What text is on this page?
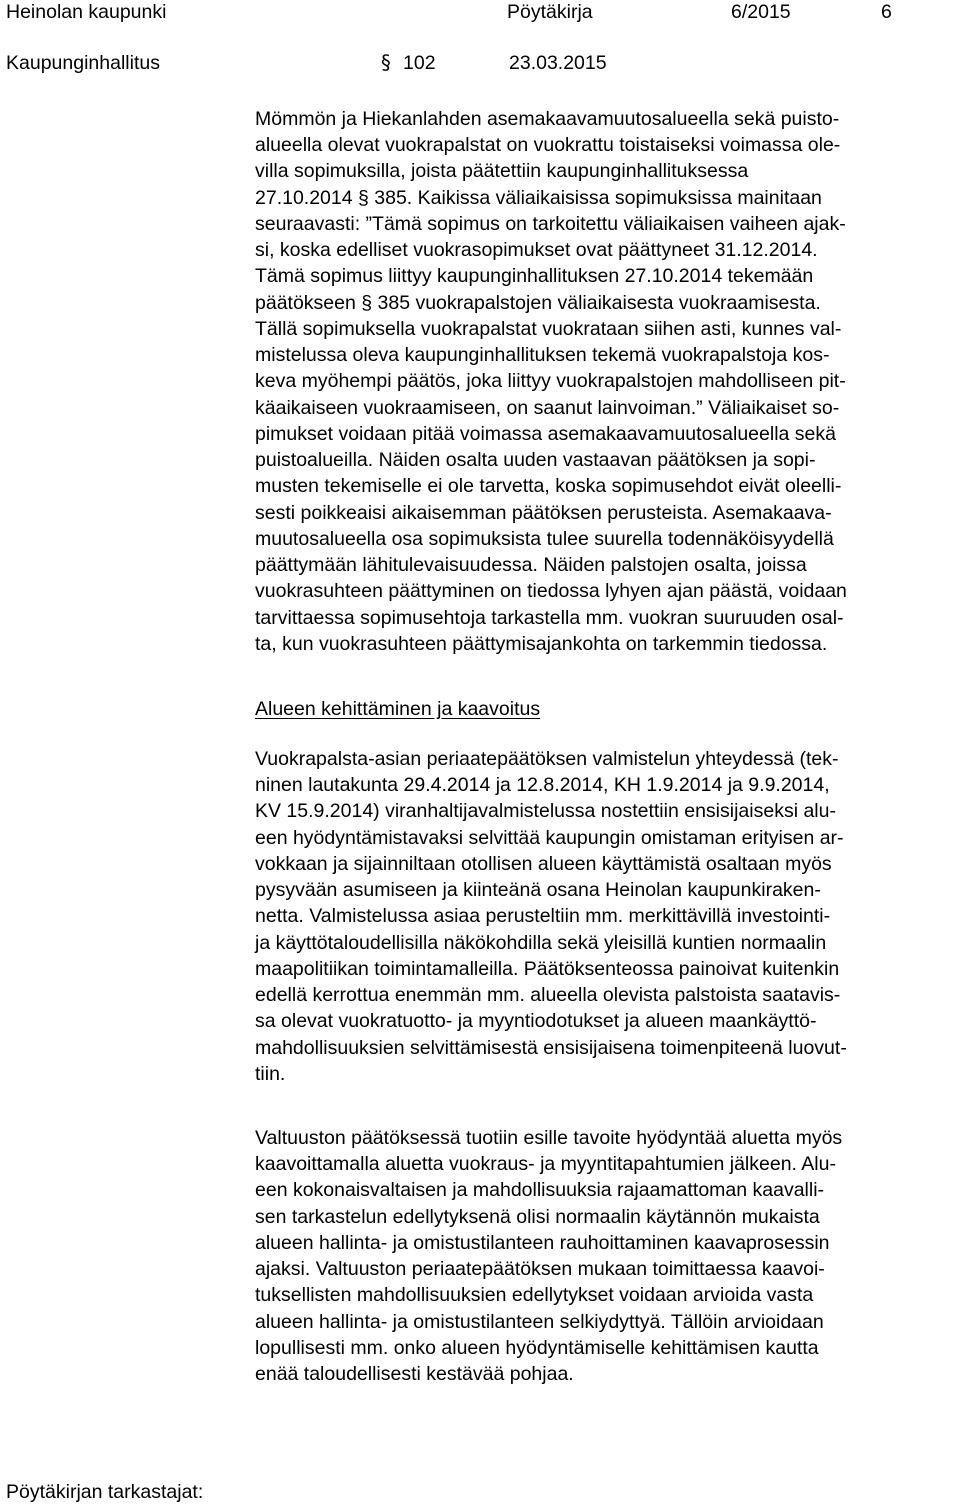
Heinolan kaupunki	Pöytäkirja	6/2015	6
Kaupunginhallitus	§ 102	23.03.2015
Mömmön ja Hiekanlahden asemakaavamuutosalueella sekä puisto-
alueella olevat vuokrapalstat on vuokrattu toistaiseksi voimassa ole-
villa sopimuksilla, joista päätettiin kaupunginhallituksessa
27.10.2014 § 385. Kaikissa väliaikaisissa sopimuksissa mainitaan
seuraavasti: ”Tämä sopimus on tarkoitettu väliaikaisen vaiheen ajak-
si, koska edelliset vuokrasopimukset ovat päättyneet 31.12.2014.
Tämä sopimus liittyy kaupunginhallituksen 27.10.2014 tekemään
päätökseen § 385 vuokrapalstojen väliaikaisesta vuokraamisesta.
Tällä sopimuksella vuokrapalstat vuokrataan siihen asti, kunnes val-
mistelussa oleva kaupunginhallituksen tekemä vuokrapalstoja kos-
keva myöhempi päätös, joka liittyy vuokrapalstojen mahdolliseen pit-
käaikaiseen vuokraamiseen, on saanut lainvoiman.” Väliaikaiset so-
pimukset voidaan pitää voimassa asemakaavamuutosalueella sekä
puistoalueilla. Näiden osalta uuden vastaavan päätöksen ja sopi-
musten tekemiselle ei ole tarvetta, koska sopimusehdot eivät oleelli-
sesti poikkeaisi aikaisemman päätöksen perusteista. Asemakaava-
muutosalueella osa sopimuksista tulee suurella todennäköisyydellä
päättymään lähitulevaisuudessa. Näiden palstojen osalta, joissa
vuokrasuhteen päättyminen on tiedossa lyhyen ajan päästä, voidaan
tarvittaessa sopimusehtoja tarkastella mm. vuokran suuruuden osal-
ta, kun vuokrasuhteen päättymisajankohta on tarkemmin tiedossa.
Alueen kehittäminen ja kaavoitus
Vuokrapalsta-asian periaatepäätöksen valmistelun yhteydessä (tek-
ninen lautakunta 29.4.2014 ja 12.8.2014, KH 1.9.2014 ja 9.9.2014,
KV 15.9.2014) viranhaltijavalmistelussa nostettiin ensisijaiseksi alu-
een hyödyntämistavaksi selvittää kaupungin omistaman erityisen ar-
vokkaan ja sijainniltaan otollisen alueen käyttämistä osaltaan myös
pysyvään asumiseen ja kiinteänä osana Heinolan kaupunkiraken-
netta. Valmistelussa asiaa perusteltiin mm. merkittävillä investointi-
ja käyttötaloudellisilla näkökohdilla sekä yleisillä kuntien normaalin
maapolitiikan toimintamalleilla. Päätöksenteossa painoivat kuitenkin
edellä kerrottua enemmän mm. alueella olevista palstoista saatavis-
sa olevat vuokratuotto- ja myyntiodotukset ja alueen maankäyttö-
mahdollisuuksien selvittämisestä ensisijaisena toimenpiteenä luovut-
tiin.
Valtuuston päätöksessä tuotiin esille tavoite hyödyntää aluetta myös
kaavoittamalla aluetta vuokraus- ja myyntitapahtumien jälkeen. Alu-
een kokonaisvaltaisen ja mahdollisuuksia rajaamattoman kaavalli-
sen tarkastelun edellytyksenä olisi normaalin käytännön mukaista
alueen hallinta- ja omistustilanteen rauhoittaminen kaavaprosessin
ajaksi. Valtuuston periaatepäätöksen mukaan toimittaessa kaavoi-
tuksellisten mahdollisuuksien edellytykset voidaan arvioida vasta
alueen hallinta- ja omistustilanteen selkiydyttyä. Tällöin arvioidaan
lopullisesti mm. onko alueen hyödyntämiselle kehittämisen kautta
enää taloudellisesti kestävää pohjaa.
Pöytäkirjan tarkastajat:
